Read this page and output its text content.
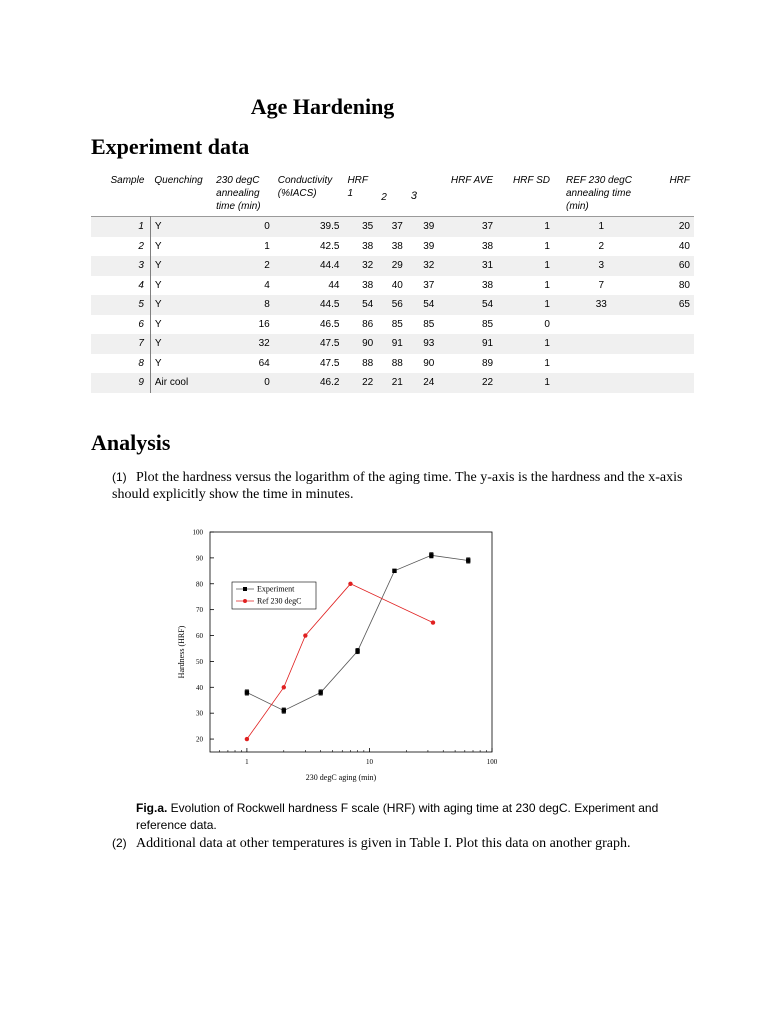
Age Hardening
Experiment data
Sample	Quenching	230 degC annealing time (min)	Conductivity (%IACS)	HRF 1	2	3	HRF AVE	HRF SD	REF 230 degC annealing time (min)	HRF
1	Y	0	39.5	35	37	39	37	1	1	20
2	Y	1	42.5	38	38	39	38	1	2	40
3	Y	2	44.4	32	29	32	31	1	3	60
4	Y	4	44	38	40	37	38	1	7	80
5	Y	8	44.5	54	56	54	54	1	33	65
6	Y	16	46.5	86	85	85	85	0		
7	Y	32	47.5	90	91	93	91	1		
8	Y	64	47.5	88	88	90	89	1		
9	Air cool	0	46.2	22	21	24	22	1		
Analysis
(1) Plot the hardness versus the logarithm of the aging time. The y-axis is the hardness and the x-axis should explicitly show the time in minutes.
20
30
40
50
60
70
80
90
100
1	10	100
230 degC aging (min)
Hardness (HRF)
Experiment
Ref 230 degC
Fig.a. Evolution of Rockwell hardness F scale (HRF) with aging time at 230 degC. Experiment and reference data.
(2) Additional data at other temperatures is given in Table I. Plot this data on another graph.
